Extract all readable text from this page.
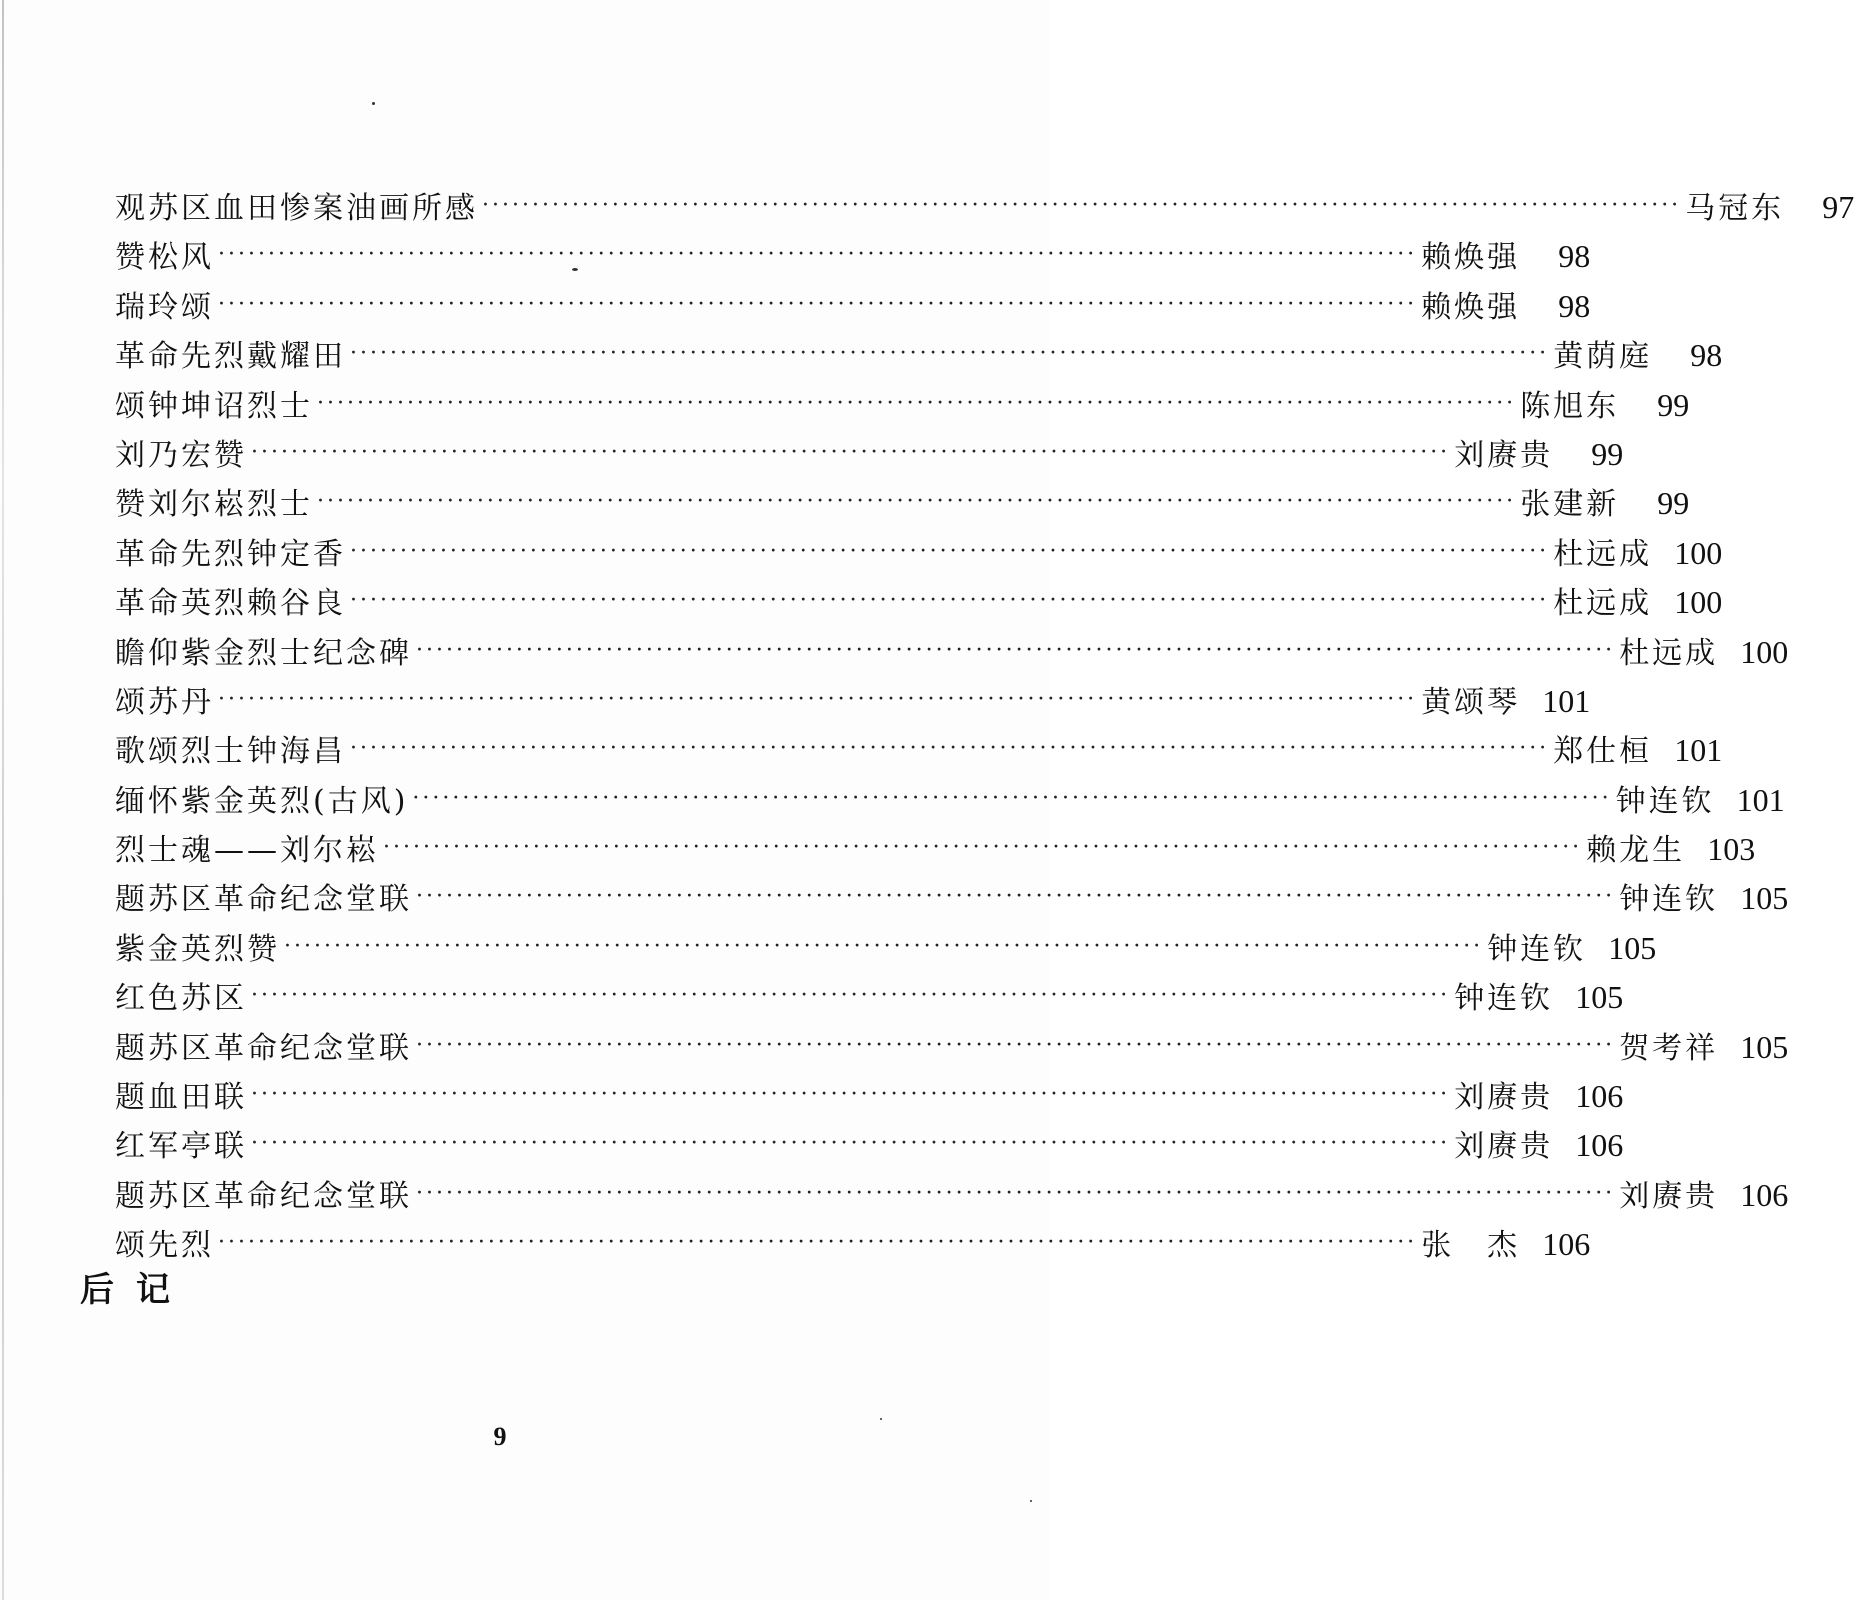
观苏区血田惨案油画所感 ························································································································ 马冠东	97
赞松风 ························································································································ 赖焕强	98
瑞玲颂 ························································································································ 赖焕强	98
革命先烈戴耀田 ························································································································ 黄荫庭	98
颂钟坤诏烈士 ························································································································ 陈旭东	99
刘乃宏赞 ························································································································ 刘赓贵	99
赞刘尔崧烈士 ························································································································ 张建新	99
革命先烈钟定香 ························································································································ 杜远成 100
革命英烈赖谷良 ························································································································ 杜远成 100
瞻仰紫金烈士纪念碑 ························································································································ 杜远成 100
颂苏丹 ························································································································ 黄颂琴 101
歌颂烈士钟海昌 ························································································································ 郑仕桓 101
缅怀紫金英烈(古风) ························································································································ 钟连钦 101
烈士魂——刘尔崧 ························································································································ 赖龙生 103
题苏区革命纪念堂联 ························································································································ 钟连钦 105
紫金英烈赞 ························································································································ 钟连钦 105
红色苏区 ························································································································ 钟连钦 105
题苏区革命纪念堂联 ························································································································ 贺考祥 105
题血田联 ························································································································ 刘赓贵 106
红军亭联 ························································································································ 刘赓贵 106
题苏区革命纪念堂联 ························································································································ 刘赓贵 106
颂先烈 ························································································································ 张　杰 106
后记
9
